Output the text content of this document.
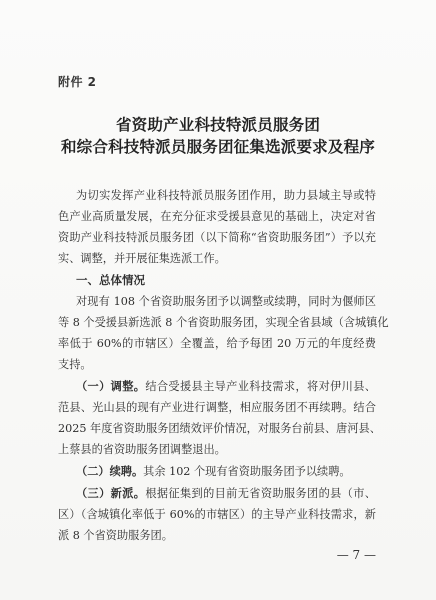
附件 2
省资助产业科技特派员服务团
和综合科技特派员服务团征集选派要求及程序
为切实发挥产业科技特派员服务团作用，助力县域主导或特
色产业高质量发展，在充分征求受援县意见的基础上，决定对省
资助产业科技特派员服务团（以下简称“省资助服务团”）予以充
实、调整，并开展征集选派工作。
一、总体情况
对现有 108 个省资助服务团予以调整或续聘，同时为偃师区
等 8 个受援县新选派 8 个省资助服务团，实现全省县域（含城镇化
率低于 60%的市辖区）全覆盖，给予每团 20 万元的年度经费
支持。
（一）调整。结合受援县主导产业科技需求，将对伊川县、
范县、光山县的现有产业进行调整，相应服务团不再续聘。结合
2025 年度省资助服务团绩效评价情况，对服务台前县、唐河县、
上蔡县的省资助服务团调整退出。
（二）续聘。其余 102 个现有省资助服务团予以续聘。
（三）新派。根据征集到的目前无省资助服务团的县（市、
区）（含城镇化率低于 60%的市辖区）的主导产业科技需求，新
派 8 个省资助服务团。
— 7 —
